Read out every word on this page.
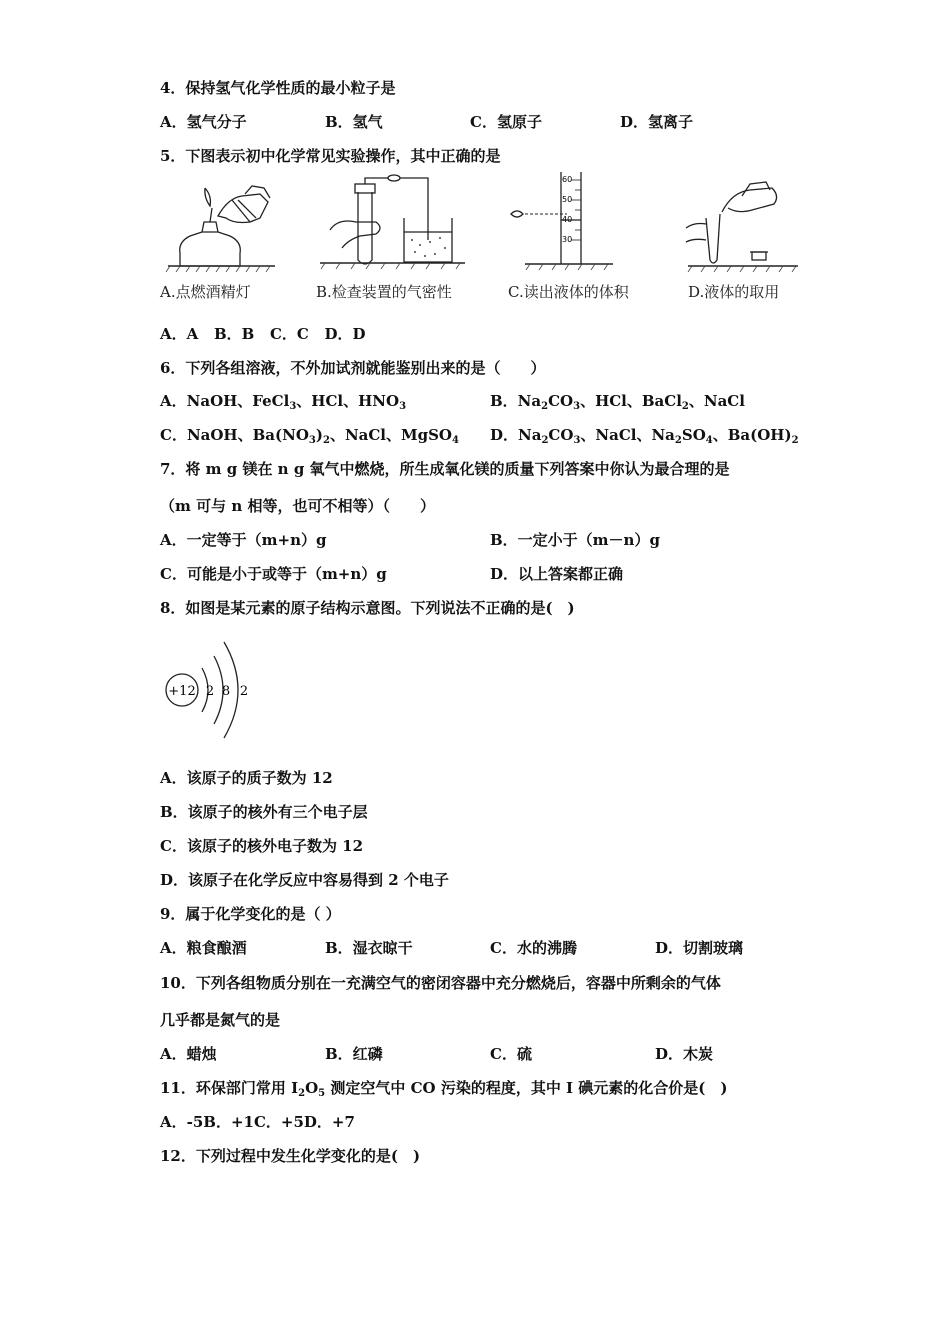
4．保持氢气化学性质的最小粒子是
A．氢气分子	B．氢气	C．氢原子	D．氢离子
5．下图表示初中化学常见实验操作，其中正确的是
60
50
40
30
A.点燃酒精灯	B.检查装置的气密性	C.读出液体的体积	D.液体的取用
A．A   B．B   C．C   D．D
6．下列各组溶液，不外加试剂就能鉴别出来的是（　　）
A．NaOH、FeCl$_3$、HCl、$HNO_3$	B．$Na_2CO_3$、HCl、BaCl$_2$、NaCl
C．NaOH、$Ba(NO_3)_2$、NaCl、MgSO$_4$ D．$Na_2CO_3$、NaCl、$Na_2SO_4$、$Ba(OH)_2$
7．将 m g 镁在 n g 氧气中燃烧，所生成氧化镁的质量下列答案中你认为最合理的是
（m 可与 n 相等，也可不相等）（　　）
A．一定等于（m+n）g	B．一定小于（m－n）g
C．可能是小于或等于（m+n）g	D．以上答案都正确
8．如图是某元素的原子结构示意图。下列说法不正确的是(　)
+12 2 8 2
A．该原子的质子数为 12
B．该原子的核外有三个电子层
C．该原子的核外电子数为 12
D．该原子在化学反应中容易得到 2 个电子
9．属于化学变化的是（ ）
A．粮食酿酒	B．湿衣晾干	C．水的沸腾	D．切割玻璃
10．下列各组物质分别在一充满空气的密闭容器中充分燃烧后，容器中所剩余的气体
几乎都是氮气的是
A．蜡烛	B．红磷	C．硫	D．木炭
11．环保部门常用 $I_2O_5$ 测定空气中 CO 污染的程度，其中 I 碘元素的化合价是(　)
A．-5B．+1C．+5D．+7
12．下列过程中发生化学变化的是(　)
